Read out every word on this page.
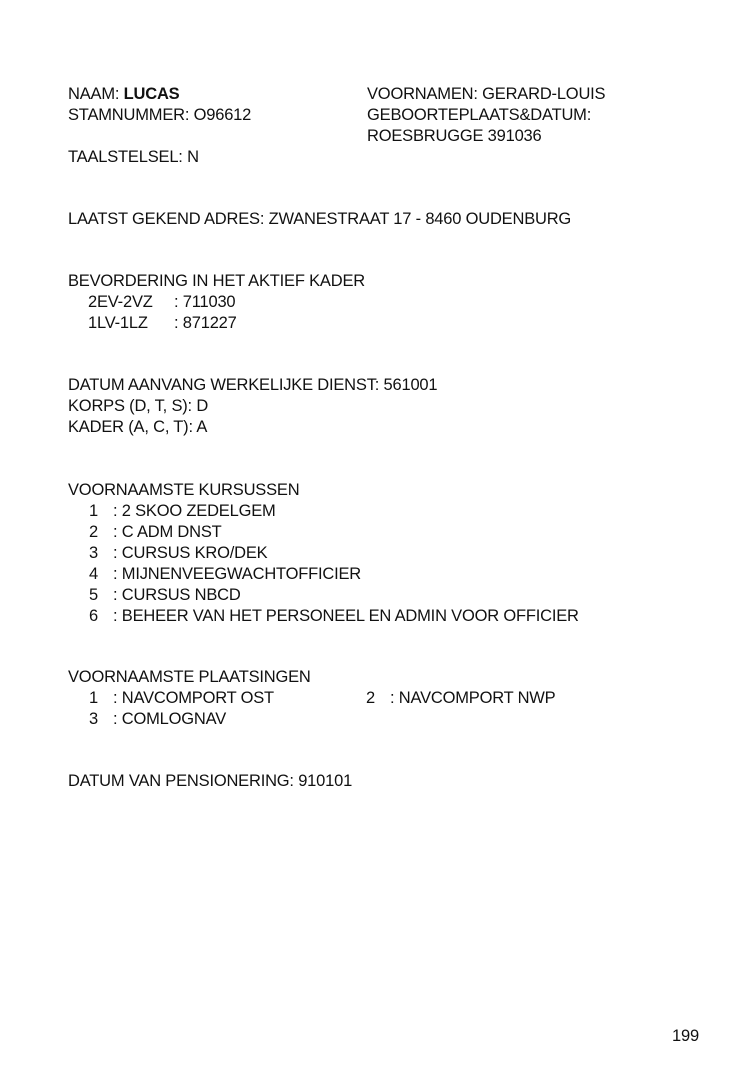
NAAM: LUCAS
STAMNUMMER: O96612
TAALSTELSEL: N
VOORNAMEN: GERARD-LOUIS
GEBOORTEPLAATS&DATUM:
ROESBRUGGE 391036
LAATST GEKEND ADRES: ZWANESTRAAT 17 - 8460 OUDENBURG
BEVORDERING IN HET AKTIEF KADER
2EV-2VZ : 711030
1LV-1LZ : 871227
DATUM AANVANG WERKELIJKE DIENST: 561001
KORPS (D, T, S): D
KADER (A, C, T): A
VOORNAAMSTE KURSUSSEN
1 : 2 SKOO ZEDELGEM
2 : C ADM DNST
3 : CURSUS KRO/DEK
4 : MIJNENVEEGWACHTOFFICIER
5 : CURSUS NBCD
6 : BEHEER VAN HET PERSONEEL EN ADMIN VOOR OFFICIER
VOORNAAMSTE PLAATSINGEN
1 : NAVCOMPORT OST	2 : NAVCOMPORT NWP
3 : COMLOGNAV
DATUM VAN PENSIONERING: 910101
199
